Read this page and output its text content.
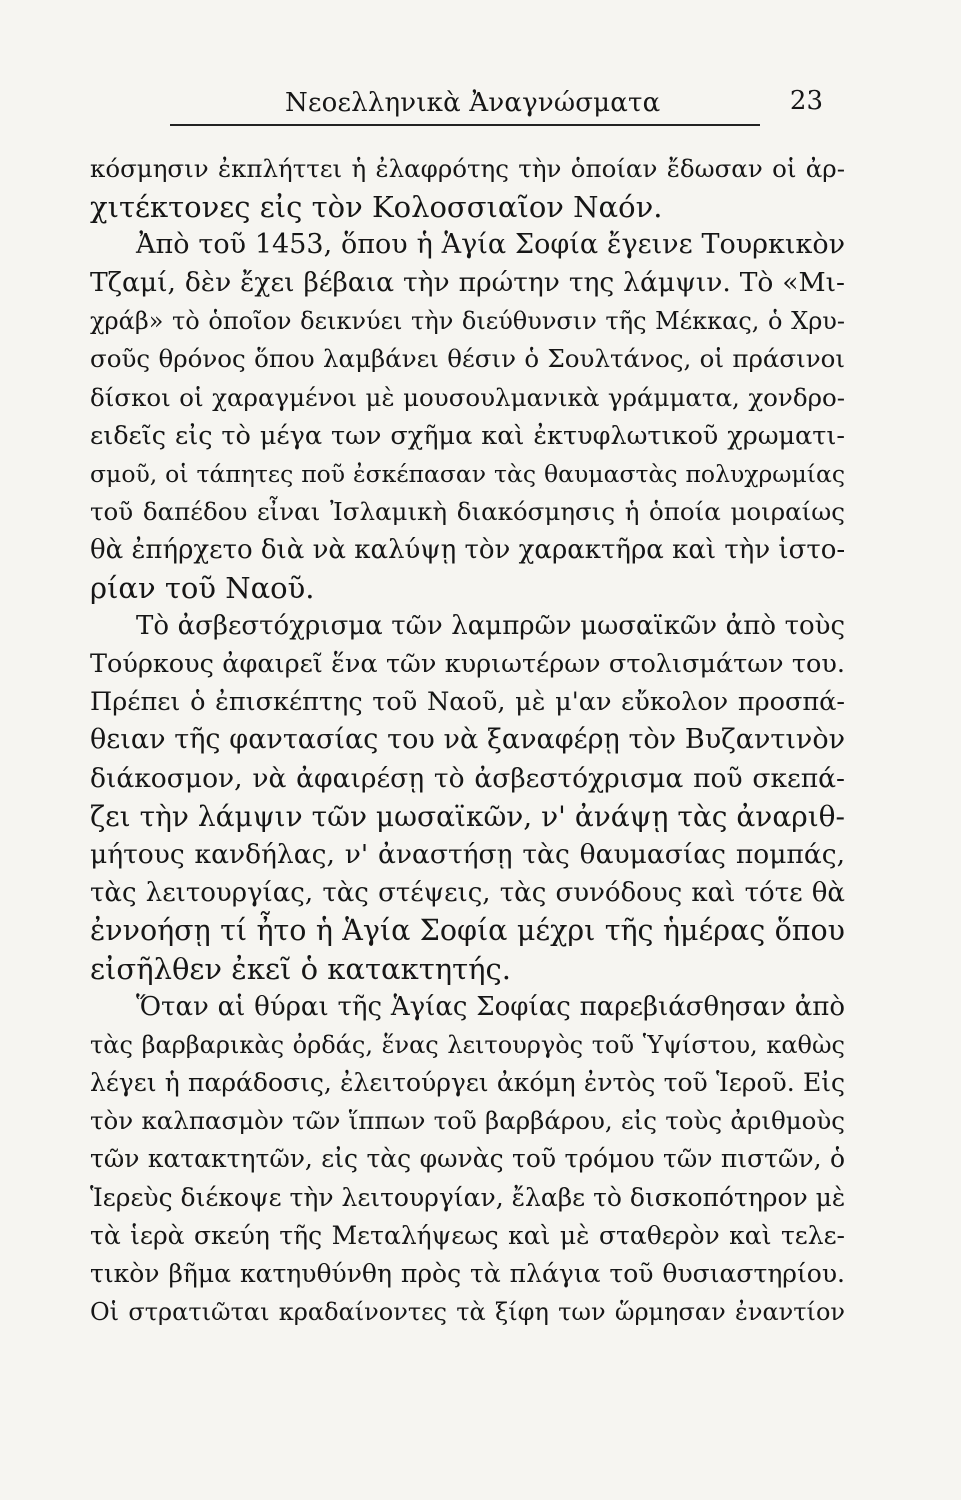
Νεοελληνικὰ Ἀναγνώσματα	23
κόσμησιν ἐκπλήττει ἡ ἐλαφρότης τὴν ὁποίαν ἔδωσαν οἱ ἀρ-
χιτέκτονες εἰς τὸν Κολοσσιαῖον Ναόν.
Ἀπὸ τοῦ 1453, ὅπου ἡ Ἁγία Σοφία ἔγεινε Τουρκικὸν
Τζαμί, δὲν ἔχει βέβαια τὴν πρώτην της λάμψιν. Τὸ «Μι-
χράβ» τὸ ὁποῖον δεικνύει τὴν διεύθυνσιν τῆς Μέκκας, ὁ Χρυ-
σοῦς θρόνος ὅπου λαμβάνει θέσιν ὁ Σουλτάνος, οἱ πράσινοι
δίσκοι οἱ χαραγμένοι μὲ μουσουλμανικὰ γράμματα, χονδρο-
ειδεῖς εἰς τὸ μέγα των σχῆμα καὶ ἐκτυφλωτικοῦ χρωματι-
σμοῦ, οἱ τάπητες ποῦ ἐσκέπασαν τὰς θαυμαστὰς πολυχρωμίας
τοῦ δαπέδου εἶναι Ἰσλαμικὴ διακόσμησις ἡ ὁποία μοιραίως
θὰ ἐπήρχετο διὰ νὰ καλύψῃ τὸν χαρακτῆρα καὶ τὴν ἱστο-
ρίαν τοῦ Ναοῦ.
Τὸ ἀσβεστόχρισμα τῶν λαμπρῶν μωσαϊκῶν ἀπὸ τοὺς
Τούρκους ἀφαιρεῖ ἕνα τῶν κυριωτέρων στολισμάτων του.
Πρέπει ὁ ἐπισκέπτης τοῦ Ναοῦ, μὲ μ'αν εὔκολον προσπά-
θειαν τῆς φαντασίας του νὰ ξαναφέρῃ τὸν Βυζαντινὸν
διάκοσμον, νὰ ἀφαιρέσῃ τὸ ἀσβεστόχρισμα ποῦ σκεπά-
ζει τὴν λάμψιν τῶν μωσαϊκῶν, ν' ἀνάψῃ τὰς ἀναριθ-
μήτους κανδήλας, ν' ἀναστήσῃ τὰς θαυμασίας πομπάς,
τὰς λειτουργίας, τὰς στέψεις, τὰς συνόδους καὶ τότε θὰ
ἐννοήσῃ τί ἦτο ἡ Ἁγία Σοφία μέχρι τῆς ἡμέρας ὅπου
εἰσῆλθεν ἐκεῖ ὁ κατακτητής.
Ὅταν αἱ θύραι τῆς Ἁγίας Σοφίας παρεβιάσθησαν ἀπὸ
τὰς βαρβαρικὰς ὀρδάς, ἕνας λειτουργὸς τοῦ Ὑψίστου, καθὼς
λέγει ἡ παράδοσις, ἐλειτούργει ἀκόμη ἐντὸς τοῦ Ἱεροῦ. Εἰς
τὸν καλπασμὸν τῶν ἵππων τοῦ βαρβάρου, εἰς τοὺς ἀριθμοὺς
τῶν κατακτητῶν, εἰς τὰς φωνὰς τοῦ τρόμου τῶν πιστῶν, ὁ
Ἱερεὺς διέκοψε τὴν λειτουργίαν, ἔλαβε τὸ δισκοπότηρον μὲ
τὰ ἱερὰ σκεύη τῆς Μεταλήψεως καὶ μὲ σταθερὸν καὶ τελε-
τικὸν βῆμα κατηυθύνθη πρὸς τὰ πλάγια τοῦ θυσιαστηρίου.
Οἱ στρατιῶται κραδαίνοντες τὰ ξίφη των ὥρμησαν ἐναντίον
